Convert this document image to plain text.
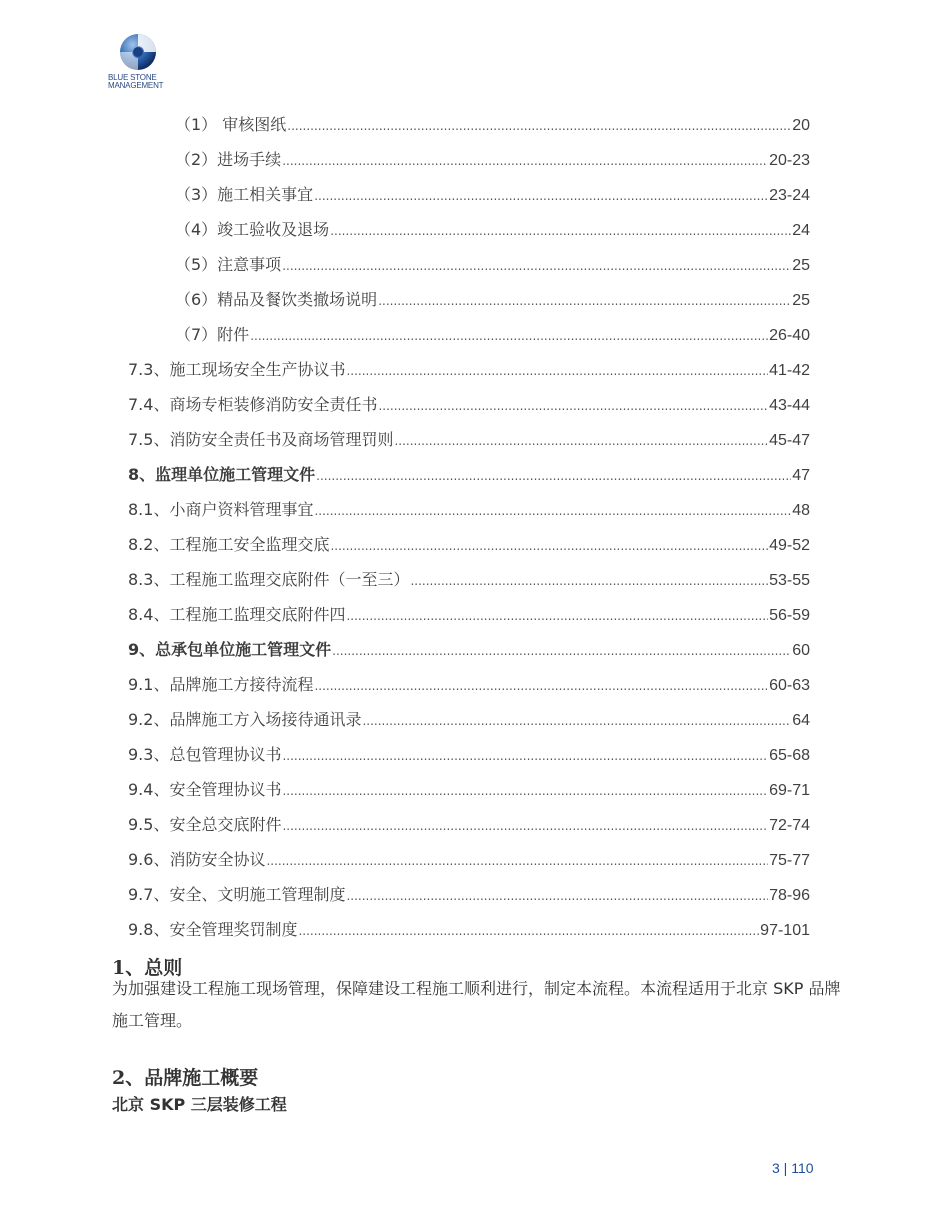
BLUE STONE
MANAGEMENT
（1） 审核图纸 .....	20
（2）进场手续 .....	20-23
（3）施工相关事宜 .....	23-24
（4）竣工验收及退场 .....	24
（5）注意事项 .....	25
（6）精品及餐饮类撤场说明 .....	25
（7）附件 .....	26-40
7.3、施工现场安全生产协议书 .....	41-42
7.4、商场专柜装修消防安全责任书 .....	43-44
7.5、消防安全责任书及商场管理罚则 .....	45-47
8、监理单位施工管理文件 .....	47
8.1、小商户资料管理事宜 .....	48
8.2、工程施工安全监理交底 .....	49-52
8.3、工程施工监理交底附件（一至三） .....	53-55
8.4、工程施工监理交底附件四 .....	56-59
9、总承包单位施工管理文件 .....	60
9.1、品牌施工方接待流程 .....	60-63
9.2、品牌施工方入场接待通讯录 .....	64
9.3、总包管理协议书 .....	65-68
9.4、安全管理协议书 .....	69-71
9.5、安全总交底附件 .....	72-74
9.6、消防安全协议 .....	75-77
9.7、安全、文明施工管理制度 .....	78-96
9.8、安全管理奖罚制度 .....	97-101
1、总则
为加强建设工程施工现场管理，保障建设工程施工顺利进行，制定本流程。本流程适用于北京 SKP 品牌施工管理。
2、品牌施工概要
北京 SKP 三层装修工程
3 | 110
